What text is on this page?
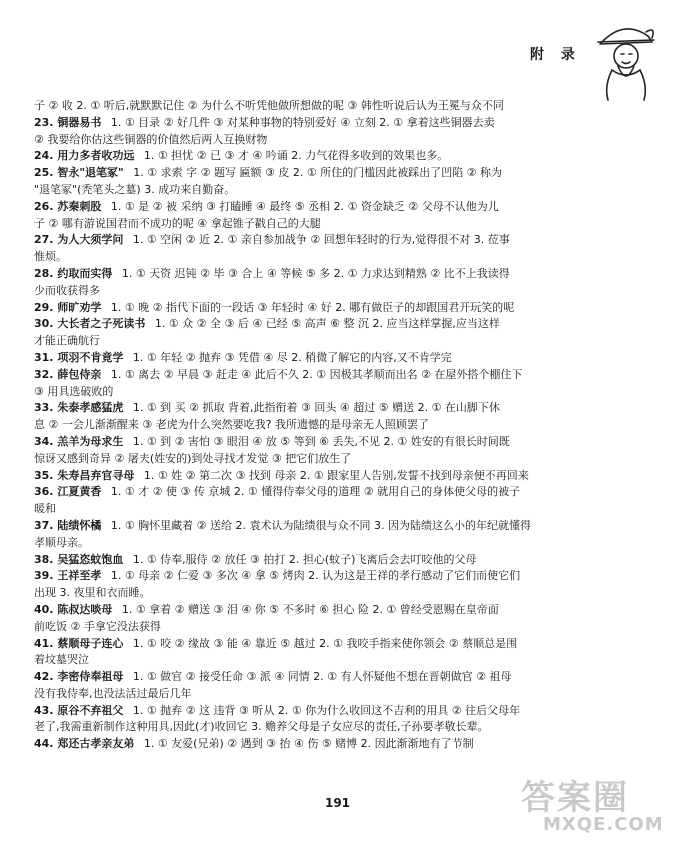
附 录
子 ② 收 2. ① 听后,就默默记住 ② 为什么不听凭他做所想做的呢 ③ 韩性听说后认为王冕与众不同
23. 铜器易书 1. ① 目录 ② 好几件 ③ 对某种事物的特别爱好 ④ 立刻 2. ① 拿着这些铜器去卖
② 我要给你估这些铜器的价值然后两人互换财物
24. 用力多者收功远 1. ① 担忧 ② 已 ③ 才 ④ 吟诵 2. 力气花得多收到的效果也多。
25. 智永"退笔冢" 1. ① 求索 字 ② 题写 匾额 ③ 皮 2. ① 所住的门槛因此被踩出了凹陷 ② 称为
"退笔冢"(秃笔头之墓) 3. 成功来自勤奋。
26. 苏秦刺股 1. ① 是 ② 被 采纳 ③ 打瞌睡 ④ 最终 ⑤ 丞相 2. ① 资金缺乏 ② 父母不认他为儿
子 ② 哪有游说国君而不成功的呢 ④ 拿起锥子戳自己的大腿
27. 为人大须学问 1. ① 空闲 ② 近 2. ① 亲自参加战争 ② 回想年轻时的行为,觉得很不对 3. 莅事
惟烦。
28. 约取而实得 1. ① 天资 迟钝 ② 毕 ③ 合上 ④ 等候 ⑤ 多 2. ① 力求达到精熟 ② 比不上我读得
少而收获得多
29. 师旷劝学 1. ① 晚 ② 指代下面的一段话 ③ 年轻时 ④ 好 2. 哪有做臣子的却跟国君开玩笑的呢
30. 大长者之子死读书 1. ① 众 ② 全 ③ 后 ④ 已经 ⑤ 高声 ⑥ 整 沉 2. 应当这样掌握,应当这样
才能正确航行
31. 项羽不肯竟学 1. ① 年轻 ② 抛弃 ③ 凭借 ④ 尽 2. 稍微了解它的内容,又不肯学完
32. 薛包侍亲 1. ① 离去 ② 早晨 ③ 赶走 ④ 此后不久 2. ① 因极其孝顺而出名 ② 在屋外搭个棚住下
③ 用具选破败的
33. 朱泰孝感猛虎 1. ① 到 买 ② 抓取 背着,此指衔着 ③ 回头 ④ 超过 ⑤ 赠送 2. ① 在山脚下休
息 ② 一会儿渐渐醒来 ③ 老虎为什么突然要吃我? 我所遗憾的是母亲无人照顾罢了
34. 羔羊为母求生 1. ① 到 ② 害怕 ③ 眼泪 ④ 放 ⑤ 等到 ⑥ 丢失,不见 2. ① 姓安的有很长时间既
惊讶又感到奇异 ② 屠夫(姓安的)到处寻找才发觉 ③ 把它们放生了
35. 朱寿昌弃官寻母 1. ① 姓 ② 第二次 ③ 找到 母亲 2. ① 跟家里人告别,发誓不找到母亲便不再回来
36. 江夏黄香 1. ① 才 ② 使 ③ 传 京城 2. ① 懂得侍奉父母的道理 ② 就用自己的身体使父母的被子
暖和
37. 陆绩怀橘 1. ① 胸怀里藏着 ② 送给 2. 袁术认为陆绩很与众不同 3. 因为陆绩这么小的年纪就懂得
孝顺母亲。
38. 吴猛恣蚊饱血 1. ① 侍奉,服侍 ② 放任 ③ 拍打 2. 担心(蚊子)飞离后会去叮咬他的父母
39. 王祥至孝 1. ① 母亲 ② 仁爱 ③ 多次 ④ 拿 ⑤ 烤肉 2. 认为这是王祥的孝行感动了它们而使它们
出现 3. 夜里和衣而睡。
40. 陈叔达啖母 1. ① 拿着 ② 赠送 ③ 泪 ④ 你 ⑤ 不多时 ⑥ 担心 险 2. ① 曾经受恩赐在皇帝面
前吃饭 ② 手拿它没法获得
41. 蔡顺母子连心 1. ① 咬 ② 缘故 ③ 能 ④ 靠近 ⑤ 越过 2. ① 我咬手指来使你领会 ② 蔡顺总是围
着坟墓哭泣
42. 李密侍奉祖母 1. ① 做官 ② 接受任命 ③ 派 ④ 同情 2. ① 有人怀疑他不想在晋朝做官 ② 祖母
没有我侍奉,也没法活过最后几年
43. 原谷不弃祖父 1. ① 抛弃 ② 这 违背 ③ 听从 2. ① 你为什么收回这不吉利的用具 ② 往后父母年
老了,我需重新制作这种用具,因此(才)收回它 3. 赡养父母是子女应尽的责任,子孙要孝敬长辈。
44. 郑还古孝亲友弟 1. ① 友爱(兄弟) ② 遇到 ③ 抬 ④ 伤 ⑤ 赌博 2. 因此渐渐地有了节制
191	答案圈
MXQE.COM
